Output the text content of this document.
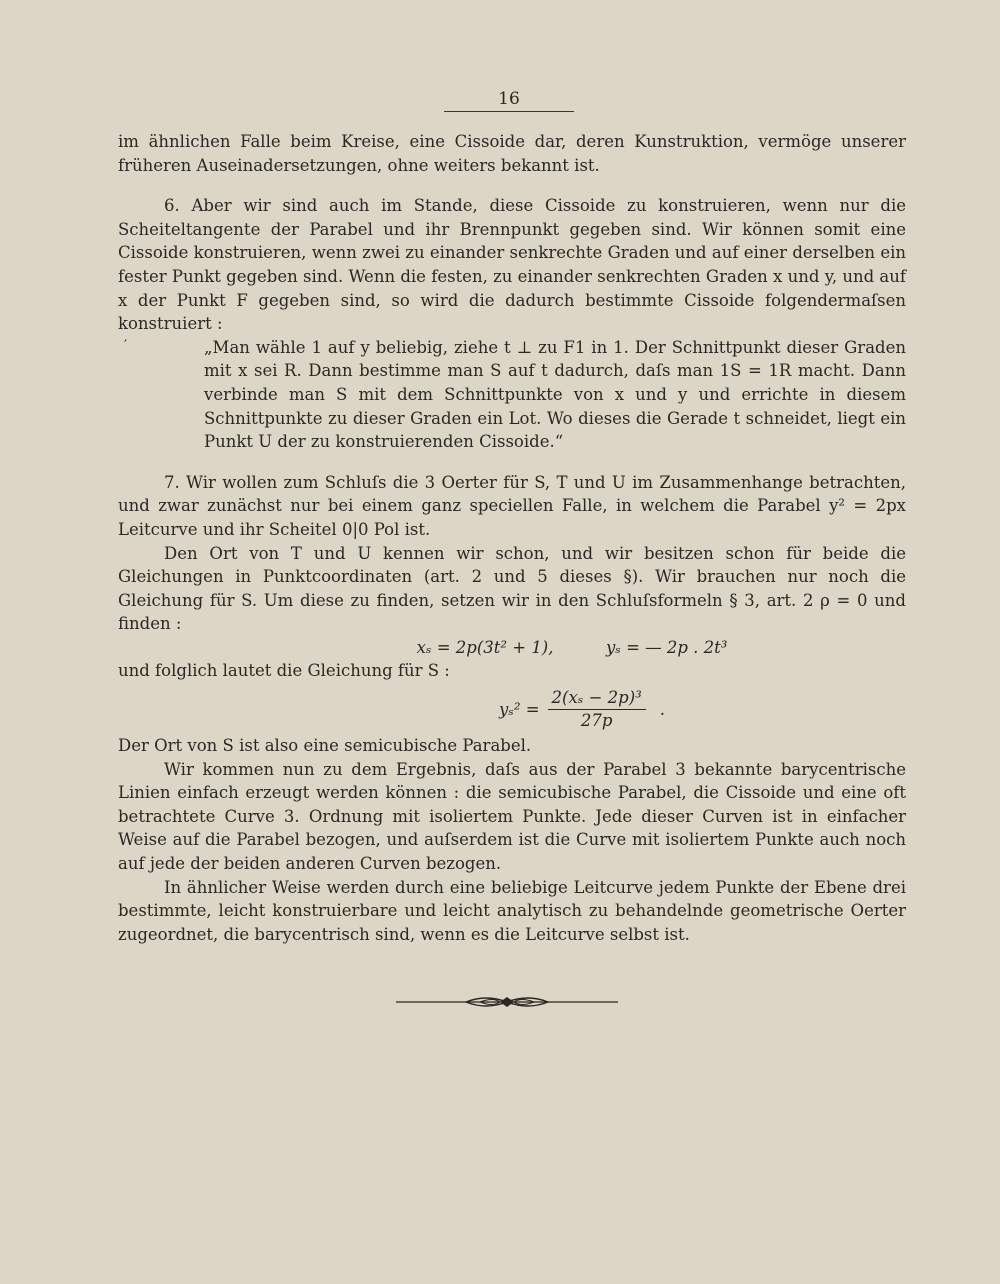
16
′

im ähnlichen Falle beim Kreise, eine Cissoide dar, deren Kunstruktion, vermöge unserer früheren Auseinadersetzungen, ohne weiters bekannt ist.

6. Aber wir sind auch im Stande, diese Cissoide zu konstruieren, wenn nur die Scheiteltangente der Parabel und ihr Brennpunkt gegeben sind. Wir können somit eine Cissoide konstruieren, wenn zwei zu einander senkrechte Graden und auf einer derselben ein fester Punkt gegeben sind. Wenn die festen, zu einander senkrechten Graden x und y, und auf x der Punkt F gegeben sind, so wird die dadurch bestimmte Cissoide folgendermaſsen konstruiert :

„Man wähle 1 auf y beliebig, ziehe t ⊥ zu F1 in 1. Der Schnittpunkt dieser Graden mit x sei R. Dann bestimme man S auf t dadurch, daſs man 1S = 1R macht. Dann verbinde man S mit dem Schnittpunkte von x und y und errichte in diesem Schnittpunkte zu dieser Graden ein Lot. Wo dieses die Gerade t schneidet, liegt ein Punkt U der zu konstruierenden Cissoide.“

7. Wir wollen zum Schluſs die 3 Oerter für S, T und U im Zusammenhange betrachten, und zwar zunächst nur bei einem ganz speciellen Falle, in welchem die Parabel y² = 2px Leitcurve und ihr Scheitel 0|0 Pol ist.

Den Ort von T und U kennen wir schon, und wir besitzen schon für beide die Gleichungen in Punktcoordinaten (art. 2 und 5 dieses §). Wir brauchen nur noch die Gleichung für S. Um diese zu finden, setzen wir in den Schluſsformeln § 3, art. 2 ρ = 0 und finden :

xₛ = 2p(3t² + 1),          yₛ = — 2p . 2t³

und folglich lautet die Gleichung für S :

$y_s^2 = \frac{\text{2(xₛ − 2p)³}}{27p}$ .

Der Ort von S ist also eine semicubische Parabel.

Wir kommen nun zu dem Ergebnis, daſs aus der Parabel 3 bekannte barycentrische Linien einfach erzeugt werden können : die semicubische Parabel, die Cissoide und eine oft betrachtete Curve 3. Ordnung mit isoliertem Punkte. Jede dieser Curven ist in einfacher Weise auf die Parabel bezogen, und auſserdem ist die Curve mit isoliertem Punkte auch noch auf jede der beiden anderen Curven bezogen.

In ähnlicher Weise werden durch eine beliebige Leitcurve jedem Punkte der Ebene drei bestimmte, leicht konstruierbare und leicht analytisch zu behandelnde geometrische Oerter zugeordnet, die barycentrisch sind, wenn es die Leitcurve selbst ist.
